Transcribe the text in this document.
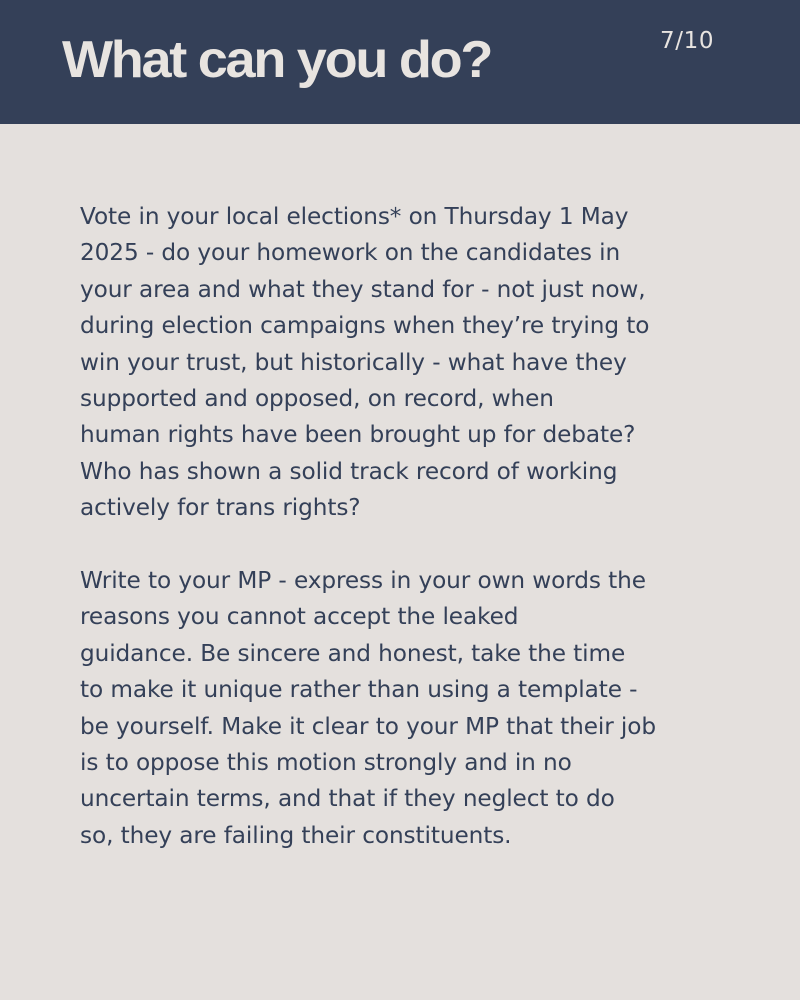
What can you do?	7/10

Vote in your local elections* on Thursday 1 May
2025 - do your homework on the candidates in
your area and what they stand for - not just now,
during election campaigns when they’re trying to
win your trust, but historically - what have they
supported and opposed, on record, when
human rights have been brought up for debate?
Who has shown a solid track record of working
actively for trans rights?

Write to your MP - express in your own words the
reasons you cannot accept the leaked
guidance. Be sincere and honest, take the time
to make it unique rather than using a template -
be yourself. Make it clear to your MP that their job
is to oppose this motion strongly and in no
uncertain terms, and that if they neglect to do
so, they are failing their constituents.
